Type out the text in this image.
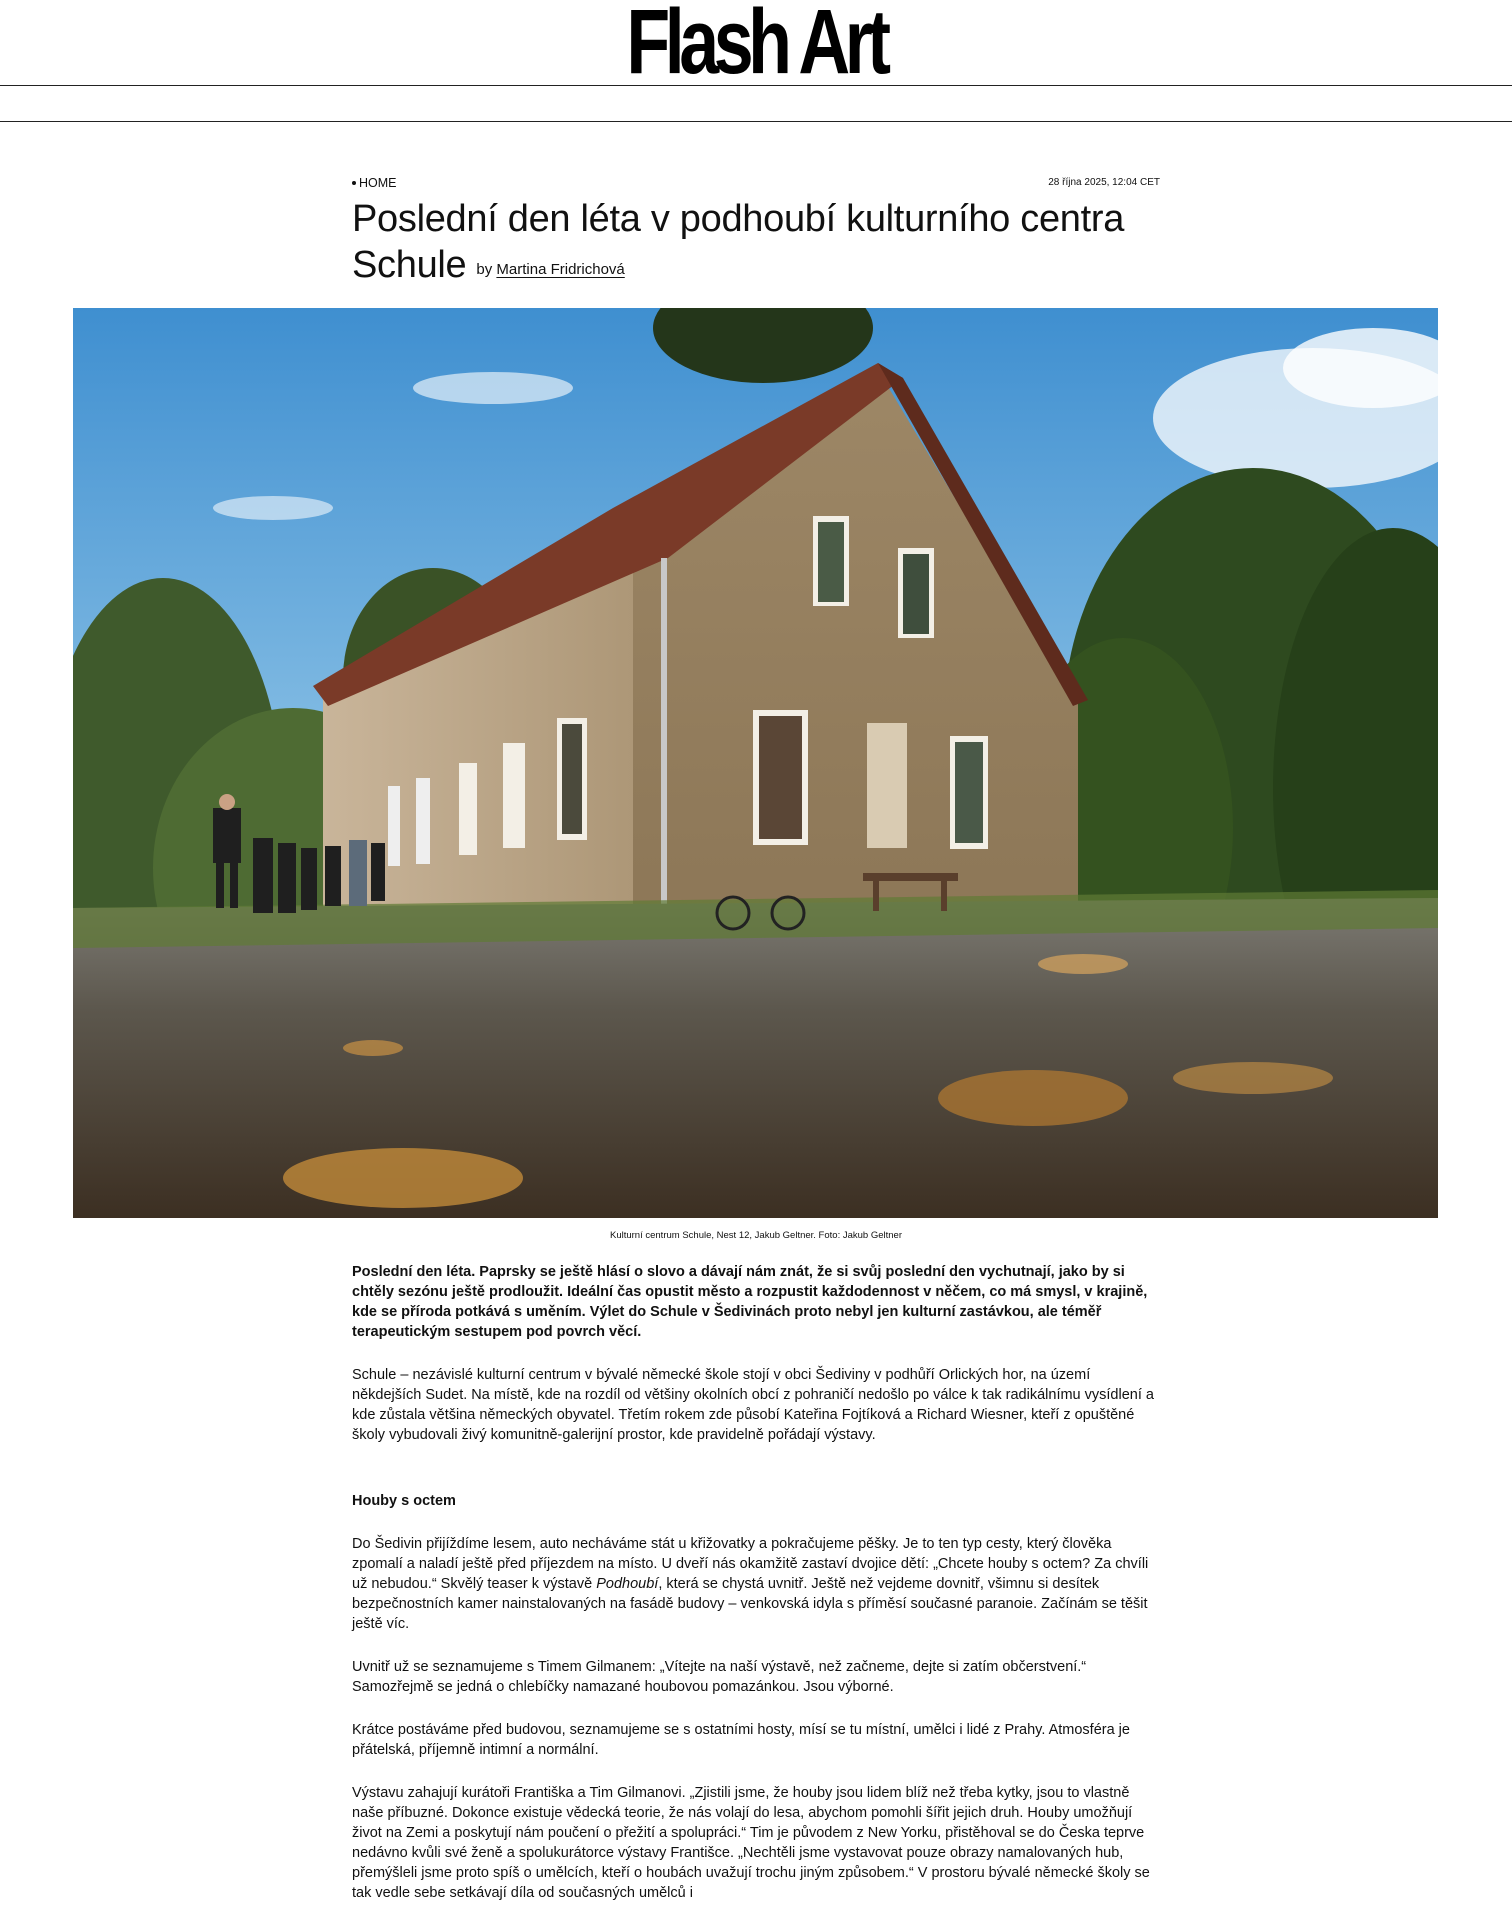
Flash Art
HOME	28 října 2025, 12:04 CET
Poslední den léta v podhoubí kulturního centra Schule by Martina Fridrichová
Kulturní centrum Schule, Nest 12, Jakub Geltner. Foto: Jakub Geltner

Poslední den léta. Paprsky se ještě hlásí o slovo a dávají nám znát, že si svůj poslední den vychutnají, jako by si chtěly sezónu ještě prodloužit. Ideální čas opustit město a rozpustit každodennost v něčem, co má smysl, v krajině, kde se příroda potkává s uměním. Výlet do Schule v Šedivinách proto nebyl jen kulturní zastávkou, ale téměř terapeutickým sestupem pod povrch věcí.

Schule – nezávislé kulturní centrum v bývalé německé škole stojí v obci Šediviny v podhůří Orlických hor, na území někdejších Sudet. Na místě, kde na rozdíl od většiny okolních obcí z pohraničí nedošlo po válce k tak radikálnímu vysídlení a kde zůstala většina německých obyvatel. Třetím rokem zde působí Kateřina Fojtíková a Richard Wiesner, kteří z opuštěné školy vybudovali živý komunitně-galerijní prostor, kde pravidelně pořádají výstavy.

Houby s octem

Do Šedivin přijíždíme lesem, auto necháváme stát u křižovatky a pokračujeme pěšky. Je to ten typ cesty, který člověka zpomalí a naladí ještě před příjezdem na místo. U dveří nás okamžitě zastaví dvojice dětí: „Chcete houby s octem? Za chvíli už nebudou.“ Skvělý teaser k výstavě Podhoubí, která se chystá uvnitř. Ještě než vejdeme dovnitř, všimnu si desítek bezpečnostních kamer nainstalovaných na fasádě budovy – venkovská idyla s příměsí současné paranoie. Začínám se těšit ještě víc.

Uvnitř už se seznamujeme s Timem Gilmanem: „Vítejte na naší výstavě, než začneme, dejte si zatím občerstvení.“ Samozřejmě se jedná o chlebíčky namazané houbovou pomazánkou. Jsou výborné.

Krátce postáváme před budovou, seznamujeme se s ostatními hosty, mísí se tu místní, umělci i lidé z Prahy. Atmosféra je přátelská, příjemně intimní a normální.

Výstavu zahajují kurátoři Františka a Tim Gilmanovi. „Zjistili jsme, že houby jsou lidem blíž než třeba kytky, jsou to vlastně naše příbuzné. Dokonce existuje vědecká teorie, že nás volají do lesa, abychom pomohli šířit jejich druh. Houby umožňují život na Zemi a poskytují nám poučení o přežití a spolupráci.“ Tim je původem z New Yorku, přistěhoval se do Česka teprve nedávno kvůli své ženě a spolukurátorce výstavy Františce. „Nechtěli jsme vystavovat pouze obrazy namalovaných hub, přemýšleli jsme proto spíš o umělcích, kteří o houbách uvažují trochu jiným způsobem.“ V prostoru bývalé německé školy se tak vedle sebe setkávají díla od současných umělců i
